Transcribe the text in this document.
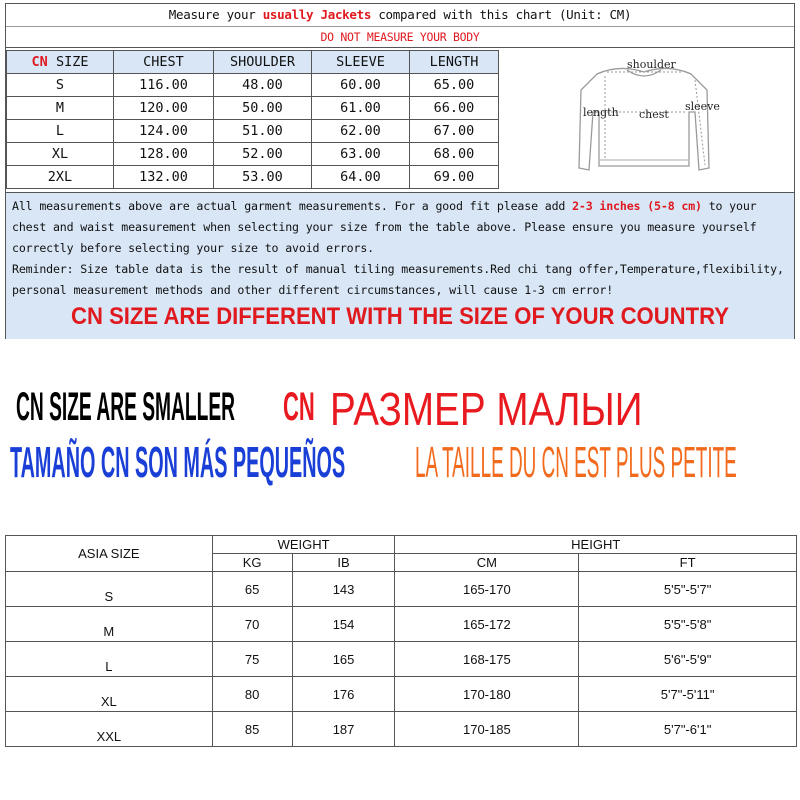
Measure your usually Jackets compared with this chart (Unit: CM)
DO NOT MEASURE YOUR BODY
CN SIZE	CHEST	SHOULDER	SLEEVE	LENGTH
S	116.00	48.00	60.00	65.00
M	120.00	50.00	61.00	66.00
L	124.00	51.00	62.00	67.00
XL	128.00	52.00	63.00	68.00
2XL	132.00	53.00	64.00	69.00
shoulder
length chest
sleeve
All measurements above are actual garment measurements. For a good fit please add 2-3 inches (5-8 cm) to your chest and waist measurement when selecting your size from the table above. Please ensure you measure yourself correctly before selecting your size to avoid errors.
Reminder: Size table data is the result of manual tiling measurements.Red chi tang offer,Temperature,flexibility, personal measurement methods and other different circumstances, will cause 1-3 cm error!
CN SIZE ARE DIFFERENT WITH THE SIZE OF YOUR COUNTRY
CN SIZE ARE SMALLER CN РАЗМЕР МАЛЫИ
TAMAÑO CN SON MÁS PEQUEÑOS LA TAILLE DU CN EST PLUS PETITE
ASIA SIZE	WEIGHT		HEIGHT	
	KG	IB	CM	FT
S	65	143	165-170	5'5"-5'7"
M	70	154	165-172	5'5"-5'8"
L	75	165	168-175	5'6"-5'9"
XL	80	176	170-180	5'7"-5'11"
XXL	85	187	170-185	5'7"-6'1"
